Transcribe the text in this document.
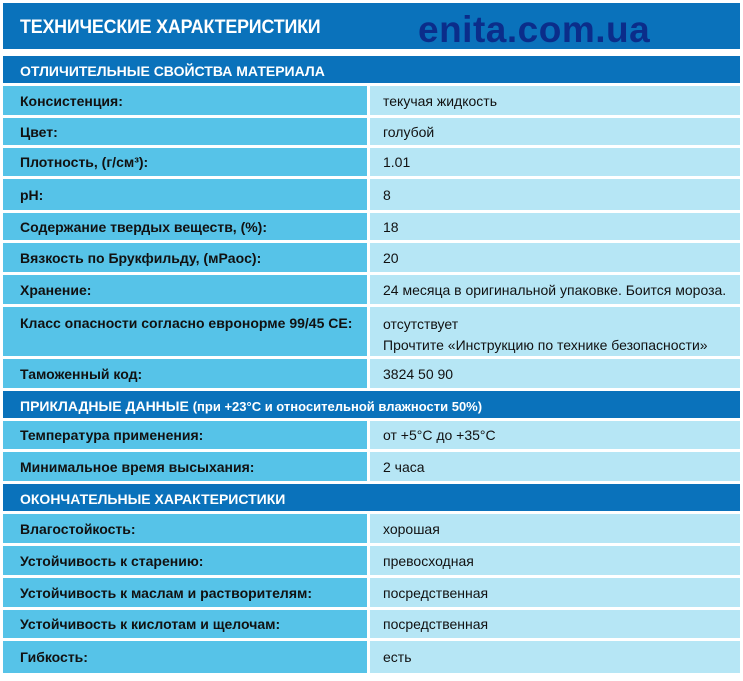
ТЕХНИЧЕСКИЕ ХАРАКТЕРИСТИКИ	enita.com.ua
ОТЛИЧИТЕЛЬНЫЕ СВОЙСТВА МАТЕРИАЛА
Консистенция:	текучая жидкость
Цвет:	голубой
Плотность, (г/см³):	1.01
pH:	8
Содержание твердых веществ, (%):	18
Вязкость по Брукфильду, (мPaoc):	20
Хранение:	24 месяца в оригинальной упаковке. Боится мороза.
Класс опасности согласно евронорме 99/45 CE:	отсутствует
Прочтите «Инструкцию по технике безопасности»
Таможенный код:	3824 50 90
ПРИКЛАДНЫЕ ДАННЫЕ (при +23°C и относительной влажности 50%)
Температура применения:	от +5°C до +35°C
Минимальное время высыхания:	2 часа
ОКОНЧАТЕЛЬНЫЕ ХАРАКТЕРИСТИКИ
Влагостойкость:	хорошая
Устойчивость к старению:	превосходная
Устойчивость к маслам и растворителям:	посредственная
Устойчивость к кислотам и щелочам:	посредственная
Гибкость:	есть
